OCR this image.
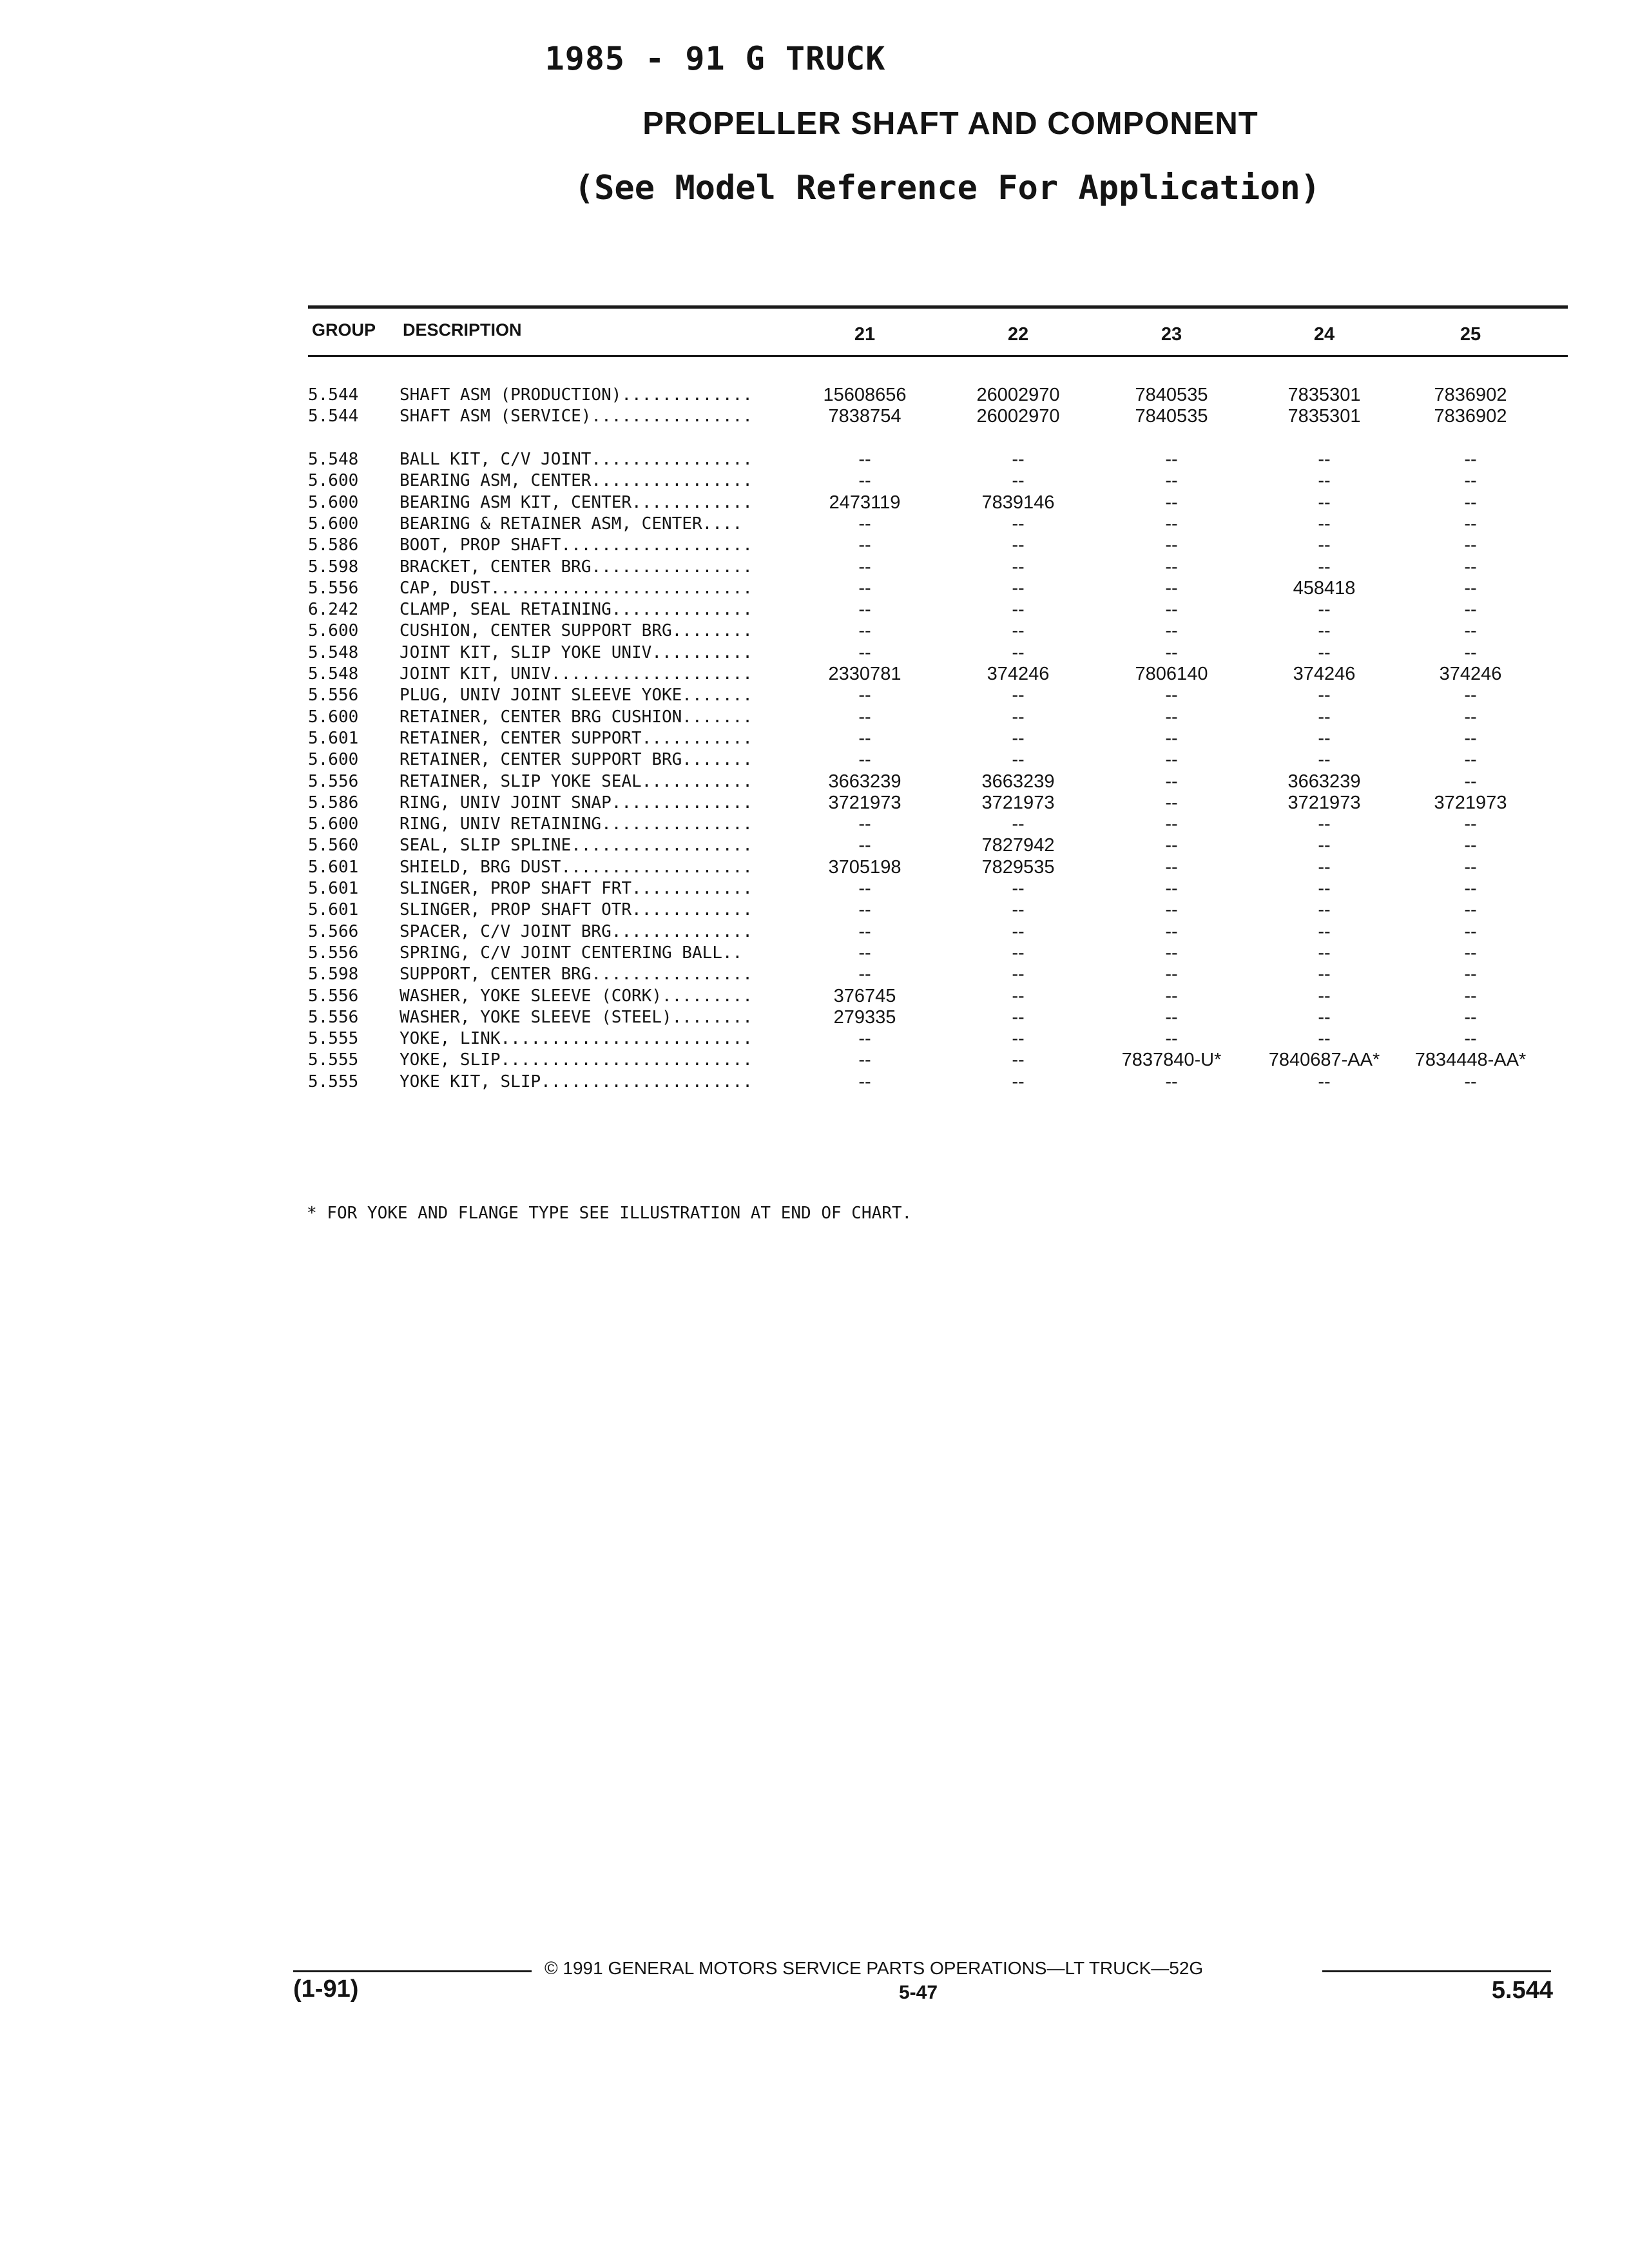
1985 - 91 G TRUCK
PROPELLER SHAFT AND COMPONENT
(See Model Reference For Application)
GROUP DESCRIPTION	21	22	23	24	25
5.544 SHAFT ASM (PRODUCTION).............	15608656	26002970	7840535	7835301	7836902
5.544 SHAFT ASM (SERVICE)................	7838754	26002970	7840535	7835301	7836902
5.548 BALL KIT, C/V JOINT................	--	--	--	--	--
5.600 BEARING ASM, CENTER................	--	--	--	--	--
5.600 BEARING ASM KIT, CENTER............	2473119	7839146	--	--	--
5.600 BEARING & RETAINER ASM, CENTER....	--	--	--	--	--
5.586 BOOT, PROP SHAFT...................	--	--	--	--	--
5.598 BRACKET, CENTER BRG................	--	--	--	--	--
5.556 CAP, DUST..........................	--	--	--	458418	--
6.242 CLAMP, SEAL RETAINING..............	--	--	--	--	--
5.600 CUSHION, CENTER SUPPORT BRG........	--	--	--	--	--
5.548 JOINT KIT, SLIP YOKE UNIV..........	--	--	--	--	--
5.548 JOINT KIT, UNIV....................	2330781	374246	7806140	374246	374246
5.556 PLUG, UNIV JOINT SLEEVE YOKE.......	--	--	--	--	--
5.600 RETAINER, CENTER BRG CUSHION.......	--	--	--	--	--
5.601 RETAINER, CENTER SUPPORT...........	--	--	--	--	--
5.600 RETAINER, CENTER SUPPORT BRG.......	--	--	--	--	--
5.556 RETAINER, SLIP YOKE SEAL...........	3663239	3663239	--	3663239	--
5.586 RING, UNIV JOINT SNAP..............	3721973	3721973	--	3721973	3721973
5.600 RING, UNIV RETAINING...............	--	--	--	--	--
5.560 SEAL, SLIP SPLINE..................	--	7827942	--	--	--
5.601 SHIELD, BRG DUST...................	3705198	7829535	--	--	--
5.601 SLINGER, PROP SHAFT FRT............	--	--	--	--	--
5.601 SLINGER, PROP SHAFT OTR............	--	--	--	--	--
5.566 SPACER, C/V JOINT BRG..............	--	--	--	--	--
5.556 SPRING, C/V JOINT CENTERING BALL..	--	--	--	--	--
5.598 SUPPORT, CENTER BRG................	--	--	--	--	--
5.556 WASHER, YOKE SLEEVE (CORK).........	376745	--	--	--	--
5.556 WASHER, YOKE SLEEVE (STEEL)........	279335	--	--	--	--
5.555 YOKE, LINK.........................	--	--	--	--	--
5.555 YOKE, SLIP.........................	--	--	7837840-U*	7840687-AA*	7834448-AA*
5.555 YOKE KIT, SLIP.....................	--	--	--	--	--
* FOR YOKE AND FLANGE TYPE SEE ILLUSTRATION AT END OF CHART.
© 1991 GENERAL MOTORS SERVICE PARTS OPERATIONS—LT TRUCK—52G
(1-91)	5-47	5.544
